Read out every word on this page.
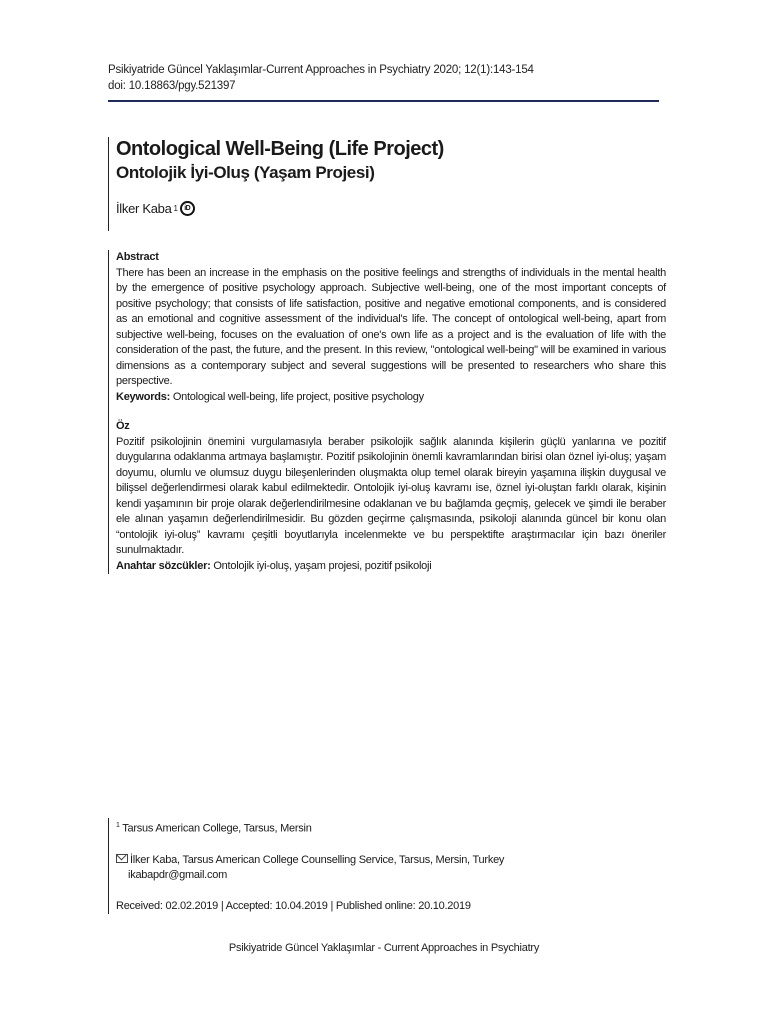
Psikiyatride Güncel Yaklaşımlar-Current Approaches in Psychiatry 2020; 12(1):143-154
doi: 10.18863/pgy.521397
Ontological Well-Being (Life Project)
Ontolojik İyi-Oluş (Yaşam Projesi)
İlker Kaba 1 iD

Abstract

There has been an increase in the emphasis on the positive feelings and strengths of individuals in the mental health by the emergence of positive psychology approach. Subjective well-being, one of the most important concepts of positive psychology; that consists of life satisfaction, positive and negative emotional components, and is considered as an emotional and cognitive assessment of the individual's life. The concept of ontological well-being, apart from subjective well-being, focuses on the evaluation of one's own life as a project and is the evaluation of life with the consideration of the past, the future, and the present. In this review, "ontological well-being" will be examined in various dimensions as a contemporary subject and several suggestions will be presented to researchers who share this perspective.

Keywords: Ontological well-being, life project, positive psychology

Öz

Pozitif psikolojinin önemini vurgulamasıyla beraber psikolojik sağlık alanında kişilerin güçlü yanlarına ve pozitif duygularına odaklanma artmaya başlamıştır. Pozitif psikolojinin önemli kavramlarından birisi olan öznel iyi-oluş; yaşam doyumu, olumlu ve olumsuz duygu bileşenlerinden oluşmakta olup temel olarak bireyin yaşamına ilişkin duygusal ve bilişsel değerlendirmesi olarak kabul edilmektedir. Ontolojik iyi-oluş kavramı ise, öznel iyi-oluştan farklı olarak, kişinin kendi yaşamının bir proje olarak değerlendirilmesine odaklanan ve bu bağlamda geçmiş, gelecek ve şimdi ile beraber ele alınan yaşamın değerlendirilmesidir. Bu gözden geçirme çalışmasında, psikoloji alanında güncel bir konu olan “ontolojik iyi-oluş” kavramı çeşitli boyutlarıyla incelenmekte ve bu perspektifte araştırmacılar için bazı öneriler sunulmaktadır.

Anahtar sözcükler: Ontolojik iyi-oluş, yaşam projesi, pozitif psikoloji

$^1$ Tarsus American College, Tarsus, Mersin
İlker Kaba, Tarsus American College Counselling Service, Tarsus, Mersin, Turkey
ikabapdr@gmail.com
Received: 02.02.2019 | Accepted: 10.04.2019 | Published online: 20.10.2019
Psikiyatride Güncel Yaklaşımlar - Current Approaches in Psychiatry
